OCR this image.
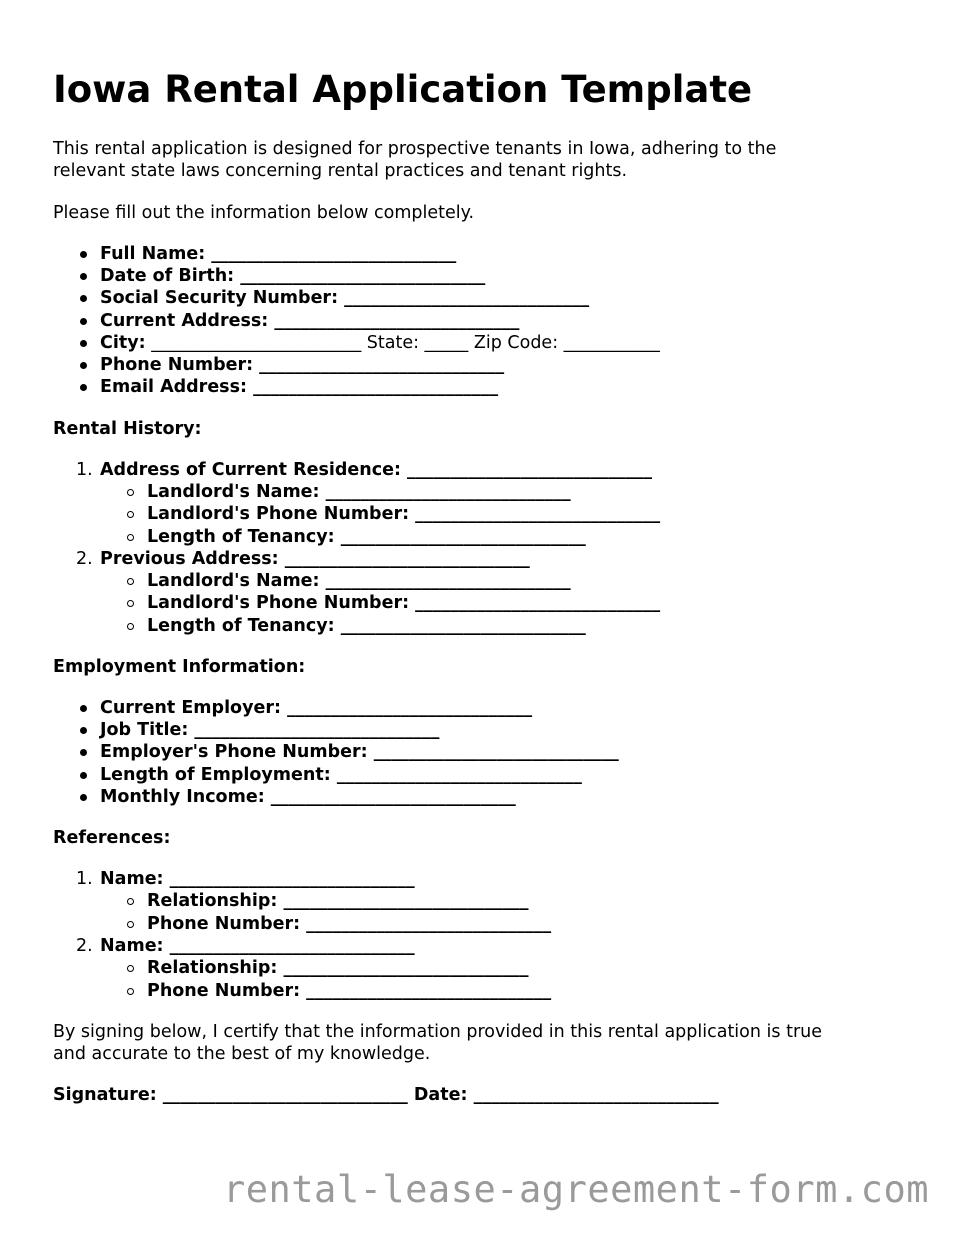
Iowa Rental Application Template
This rental application is designed for prospective tenants in Iowa, adhering to the
relevant state laws concerning rental practices and tenant rights.
Please fill out the information below completely.
Full Name: ____________________________
Date of Birth: ____________________________
Social Security Number: ____________________________
Current Address: ____________________________
City: ________________________ State: _____ Zip Code: ___________
Phone Number: ____________________________
Email Address: ____________________________
Rental History:
1. Address of Current Residence: ____________________________
Landlord's Name: ____________________________
Landlord's Phone Number: ____________________________
Length of Tenancy: ____________________________
2. Previous Address: ____________________________
Landlord's Name: ____________________________
Landlord's Phone Number: ____________________________
Length of Tenancy: ____________________________
Employment Information:
Current Employer: ____________________________
Job Title: ____________________________
Employer's Phone Number: ____________________________
Length of Employment: ____________________________
Monthly Income: ____________________________
References:
1. Name: ____________________________
Relationship: ____________________________
Phone Number: ____________________________
2. Name: ____________________________
Relationship: ____________________________
Phone Number: ____________________________
By signing below, I certify that the information provided in this rental application is true
and accurate to the best of my knowledge.
Signature: ____________________________ Date: ____________________________
rental-lease-agreement-form.com
